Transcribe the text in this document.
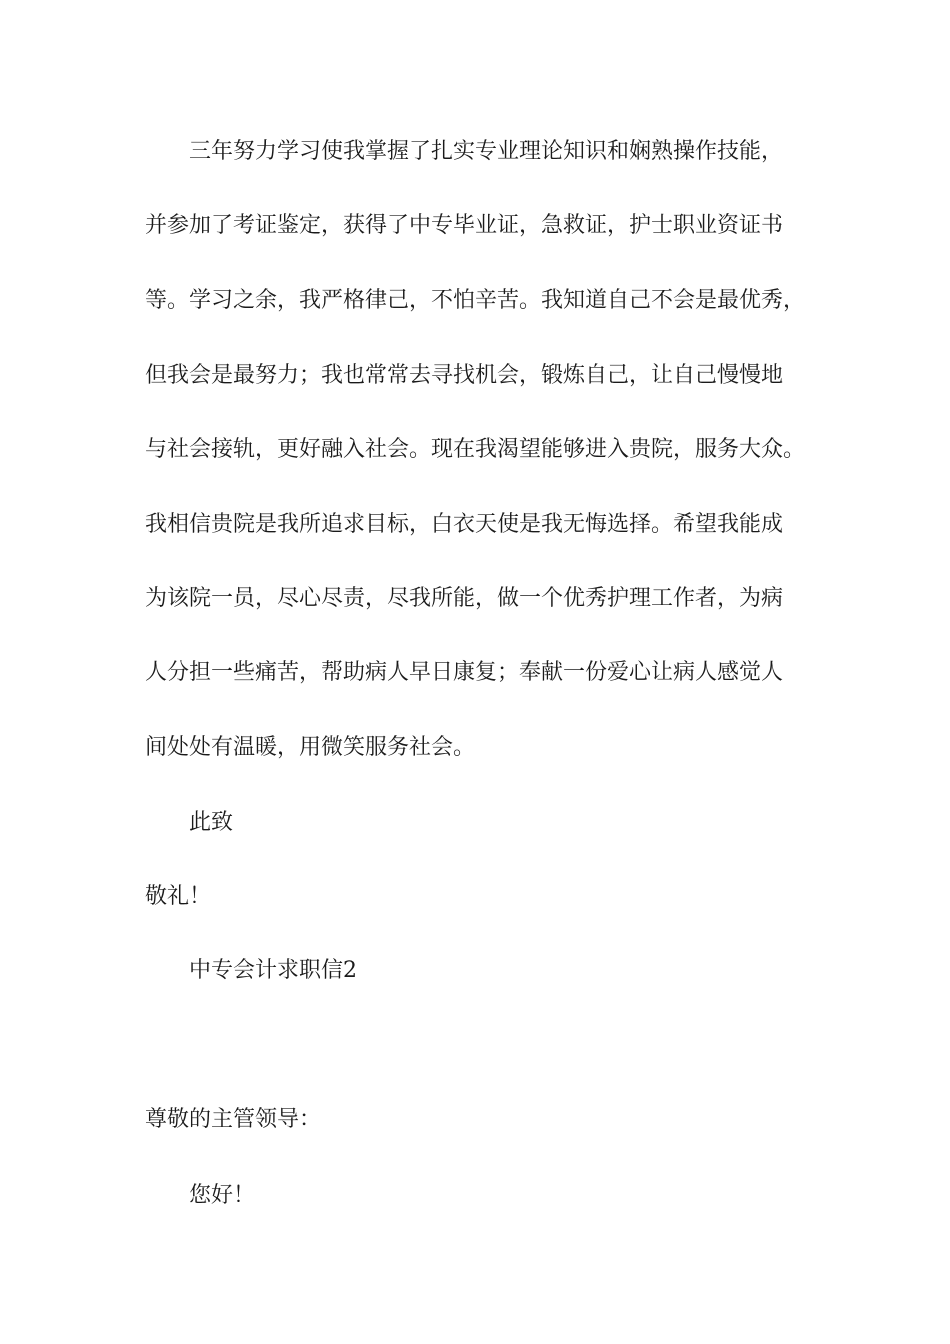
三年努力学习使我掌握了扎实专业理论知识和娴熟操作技能，
并参加了考证鉴定，获得了中专毕业证，急救证，护士职业资证书
等。学习之余，我严格律己，不怕辛苦。我知道自己不会是最优秀，
但我会是最努力；我也常常去寻找机会，锻炼自己，让自己慢慢地
与社会接轨，更好融入社会。现在我渴望能够进入贵院，服务大众。
我相信贵院是我所追求目标，白衣天使是我无悔选择。希望我能成
为该院一员，尽心尽责，尽我所能，做一个优秀护理工作者，为病
人分担一些痛苦，帮助病人早日康复；奉献一份爱心让病人感觉人
间处处有温暖，用微笑服务社会。
此致
敬礼！
中专会计求职信2
尊敬的主管领导：
您好！
